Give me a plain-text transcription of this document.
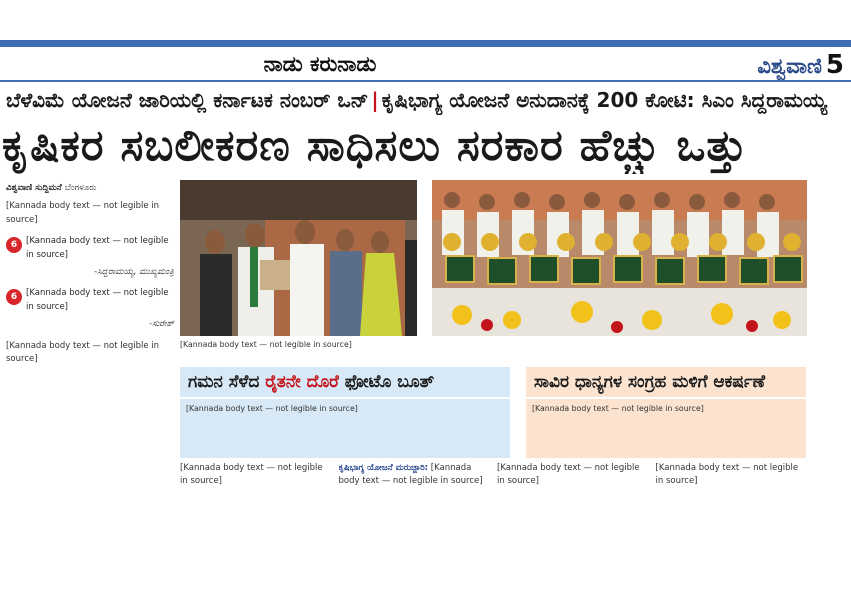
ನಾಡು ಕರುನಾಡು	ವಿಶ್ವವಾಣಿ 5
ಬೆಳೆವಿಮೆ ಯೋಜನೆ ಜಾರಿಯಲ್ಲಿ ಕರ್ನಾಟಕ ನಂಬರ್ ಒನ್ | ಕೃಷಿಭಾಗ್ಯ ಯೋಜನೆ ಅನುದಾನಕ್ಕೆ 200 ಕೋಟಿ: ಸಿಎಂ ಸಿದ್ದರಾಮಯ್ಯ
ಕೃಷಿಕರ ಸಬಲೀಕರಣ ಸಾಧಿಸಲು ಸರಕಾರ ಹೆಚ್ಚು ಒತ್ತು
ವಿಶ್ವವಾಣಿ ಸುದ್ದಿಮನೆ ಬೆಂಗಳೂರು

[Kannada body text — not legible in source]

6	[Kannada body text — not legible in source]
-ಸಿದ್ದರಾಮಯ್ಯ, ಮುಖ್ಯಮಂತ್ರಿ
6	[Kannada body text — not legible in source]
-ಸುರೇಶ್

[Kannada body text — not legible in source]

[Kannada body text — not legible in source]
ಗಮನ ಸೆಳೆದ ರೈತನೇ ದೊರೆ ಫೋಟೊ ಬೂತ್
[Kannada body text — not legible in source]
ಸಾವಿರ ಧಾನ್ಯಗಳ ಸಂಗ್ರಹ ಮಳಿಗೆ ಆಕರ್ಷಣೆ
[Kannada body text — not legible in source]
[Kannada body text — not legible in source]
ಕೃಷಿಭಾಗ್ಯ ಯೋಜನೆ ಮರುಜ್ಜಾರಿ: [Kannada body text — not legible in source]
[Kannada body text — not legible in source]
[Kannada body text — not legible in source]
